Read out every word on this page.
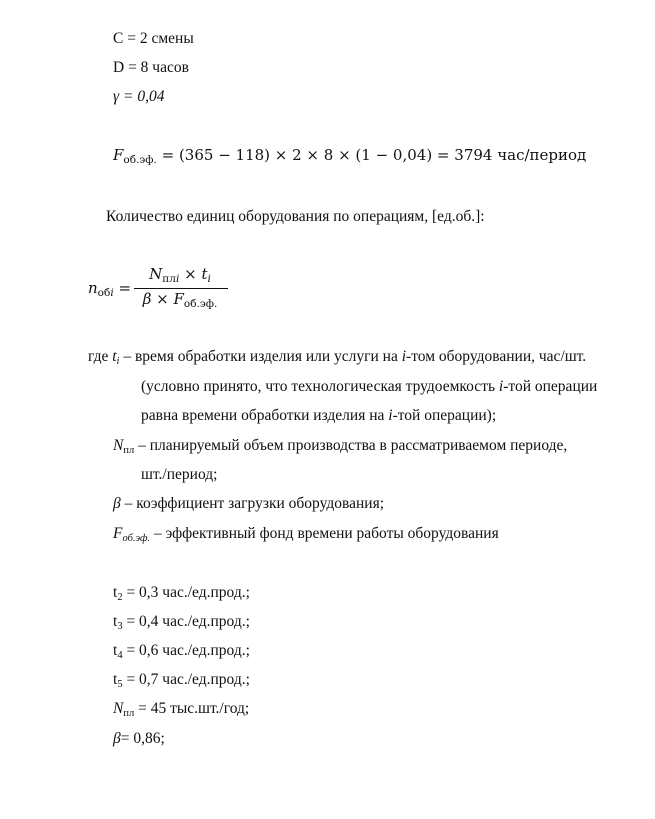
C = 2 смены
D = 8 часов
γ = 0,04
$F_{об.эф.} = (365 - 118) \times 2 \times 8 \times (1 - 0,04) = 3794$ час/период
Количество единиц оборудования по операциям, [ед.об.]:
$n_{обi}$ =
$N_{плi} \times t_i$
$\beta \times F_{об.эф.}$
где $t_i$ – время обработки изделия или услуги на i-том оборудовании, час/шт.
(условно принято, что технологическая трудоемкость i-той операции
равна времени обработки изделия на i-той операции);
$N_{пл}$ – планируемый объем производства в рассматриваемом периоде,
шт./период;
β – коэффициент загрузки оборудования;
$F_{об.эф.}$ – эффективный фонд времени работы оборудования
$t_2 = 0,3$ час./ед.прод.;
$t_3 = 0,4$ час./ед.прод.;
$t_4 = 0,6$ час./ед.прод.;
$t_5 = 0,7$ час./ед.прод.;
$N_{пл} = 45$ тыс.шт./год;
β= 0,86;
